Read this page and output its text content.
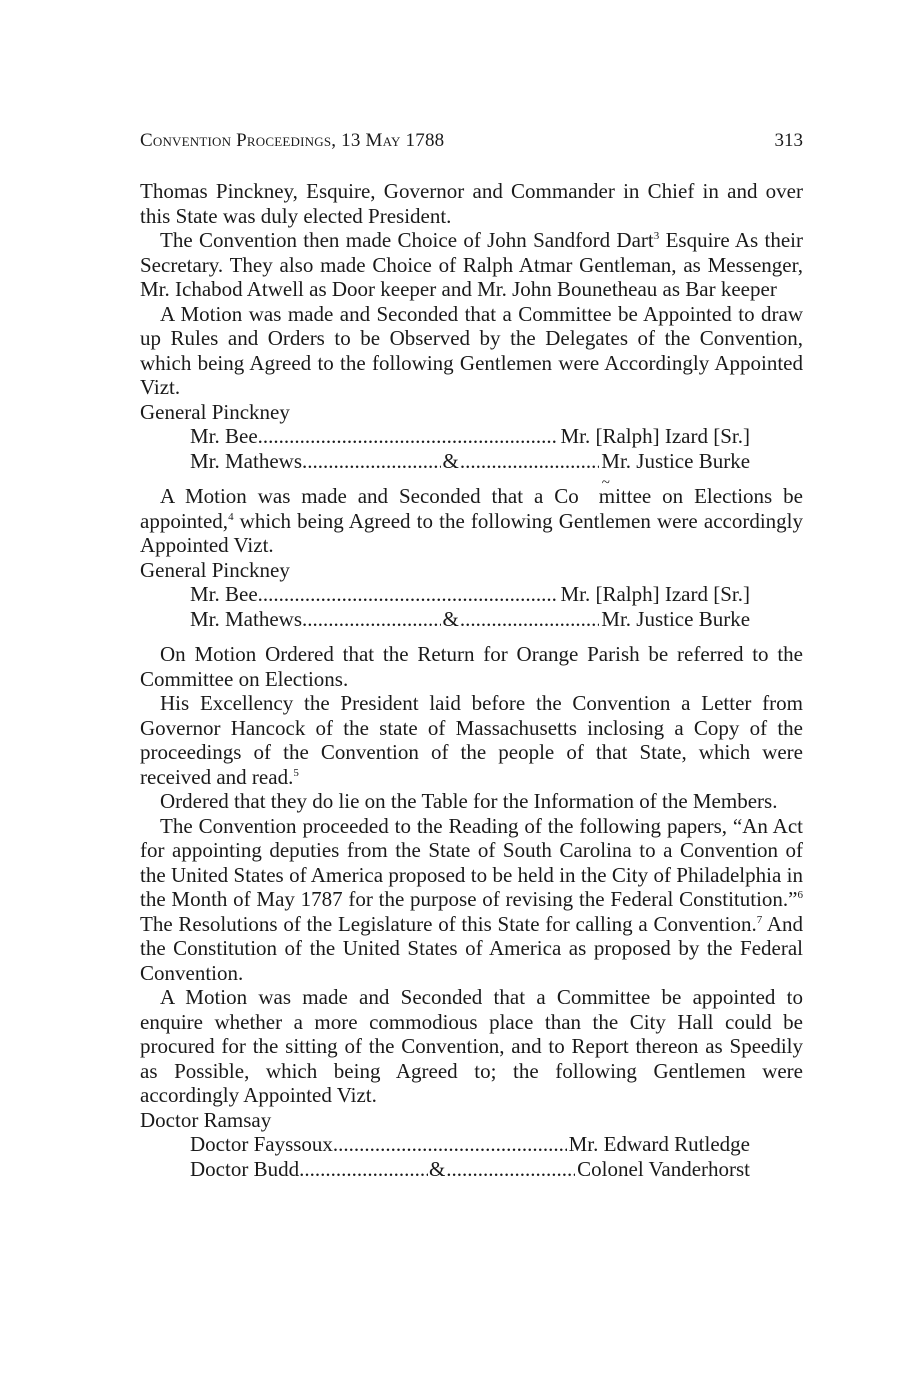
Convention Proceedings, 13 May 1788	313

Thomas Pinckney, Esquire, Governor and Commander in Chief in and over this State was duly elected President.

The Convention then made Choice of John Sandford Dart$^3$ Esquire As their Secretary. They also made Choice of Ralph Atmar Gentleman, as Messenger, Mr. Ichabod Atwell as Door keeper and Mr. John Bounetheau as Bar keeper

A Motion was made and Seconded that a Committee be Appointed to draw up Rules and Orders to be Observed by the Delegates of the Convention, which being Agreed to the following Gentlemen were Accordingly Appointed Vizt.

General Pinckney

Mr. Bee .....	Mr. [Ralph] Izard [Sr.]
Mr. Mathews .....	& .....	Mr. Justice Burke

A Motion was made and Seconded that a Co m ~ittee on Elections be appointed,$^4$ which being Agreed to the following Gentlemen were accordingly Appointed Vizt.

General Pinckney

Mr. Bee .....	Mr. [Ralph] Izard [Sr.]
Mr. Mathews .....	& .....	Mr. Justice Burke

On Motion Ordered that the Return for Orange Parish be referred to the Committee on Elections.

His Excellency the President laid before the Convention a Letter from Governor Hancock of the state of Massachusetts inclosing a Copy of the proceedings of the Convention of the people of that State, which were received and read.$^5$

Ordered that they do lie on the Table for the Information of the Members.

The Convention proceeded to the Reading of the following papers, “An Act for appointing deputies from the State of South Carolina to a Convention of the United States of America proposed to be held in the City of Philadelphia in the Month of May 1787 for the purpose of revising the Federal Constitution.”$^6$ The Resolutions of the Legislature of this State for calling a Convention.$^7$ And the Constitution of the United States of America as proposed by the Federal Convention.

A Motion was made and Seconded that a Committee be appointed to enquire whether a more commodious place than the City Hall could be procured for the sitting of the Convention, and to Report thereon as Speedily as Possible, which being Agreed to; the following Gentlemen were accordingly Appointed Vizt.

Doctor Ramsay

Doctor Fayssoux .....	Mr. Edward Rutledge
Doctor Budd .....	& .....	Colonel Vanderhorst
